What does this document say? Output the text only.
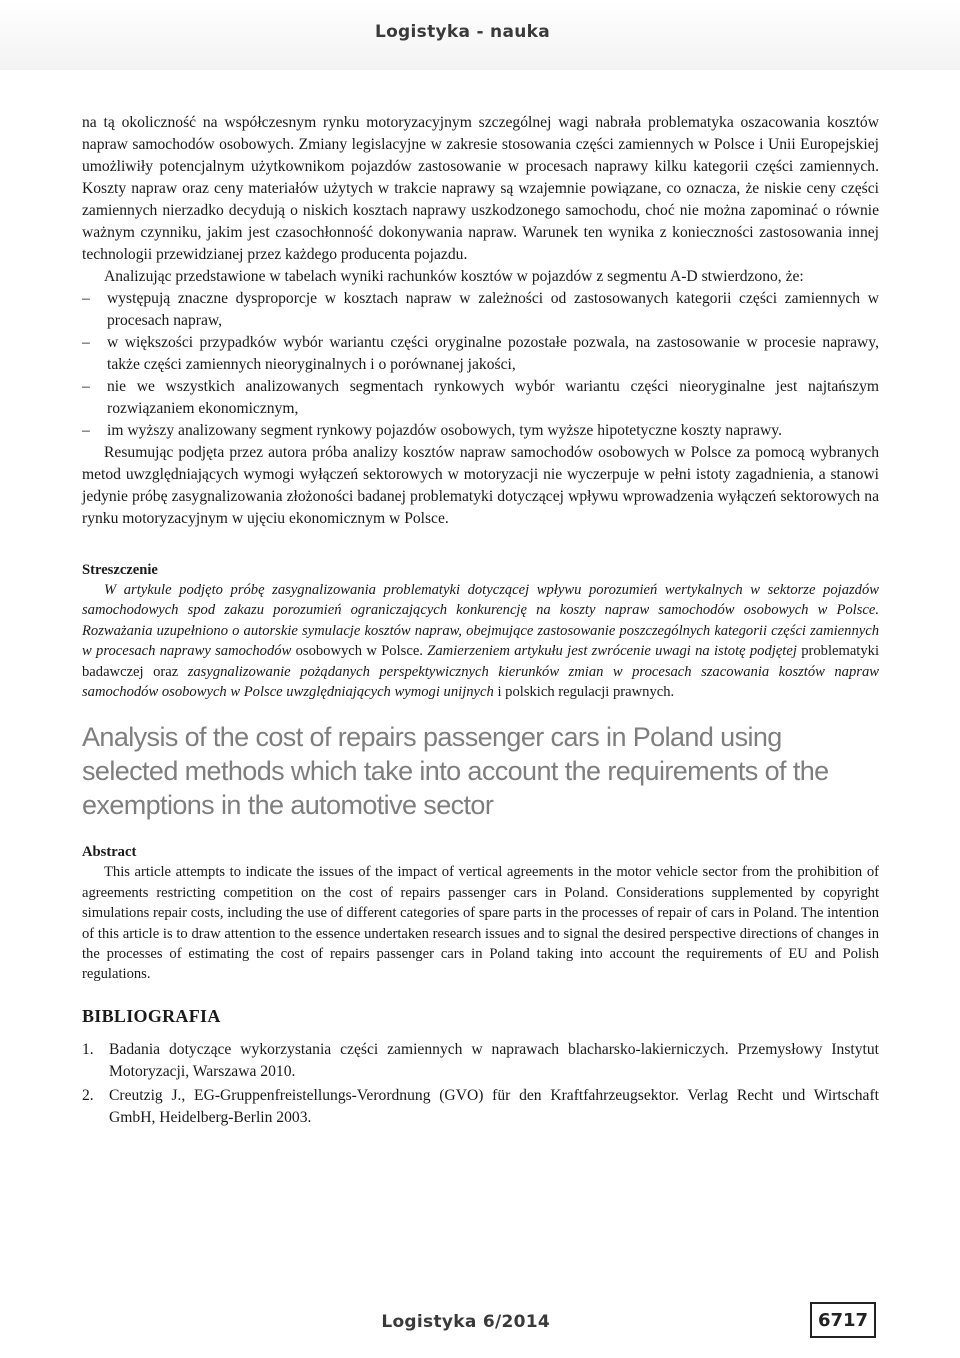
Logistyka - nauka

na tą okoliczność na współczesnym rynku motoryzacyjnym szczególnej wagi nabrała problematyka oszacowania kosztów napraw samochodów osobowych. Zmiany legislacyjne w zakresie stosowania części zamiennych w Polsce i Unii Europejskiej umożliwiły potencjalnym użytkownikom pojazdów zastosowanie w procesach naprawy kilku kategorii części zamiennych. Koszty napraw oraz ceny materiałów użytych w trakcie naprawy są wzajemnie powiązane, co oznacza, że niskie ceny części zamiennych nierzadko decydują o niskich kosztach naprawy uszkodzonego samochodu, choć nie można zapominać o równie ważnym czynniku, jakim jest czasochłonność dokonywania napraw. Warunek ten wynika z konieczności zastosowania innej technologii przewidzianej przez każdego producenta pojazdu.

Analizując przedstawione w tabelach wyniki rachunków kosztów w pojazdów z segmentu A-D stwierdzono, że:

– występują znaczne dysproporcje w kosztach napraw w zależności od zastosowanych kategorii części zamiennych w procesach napraw,
– w większości przypadków wybór wariantu części oryginalne pozostałe pozwala, na zastosowanie w procesie naprawy, także części zamiennych nieoryginalnych i o porównanej jakości,
– nie we wszystkich analizowanych segmentach rynkowych wybór wariantu części nieoryginalne jest najtańszym rozwiązaniem ekonomicznym,
– im wyższy analizowany segment rynkowy pojazdów osobowych, tym wyższe hipotetyczne koszty naprawy.

Resumując podjęta przez autora próba analizy kosztów napraw samochodów osobowych w Polsce za pomocą wybranych metod uwzględniających wymogi wyłączeń sektorowych w motoryzacji nie wyczerpuje w pełni istoty zagadnienia, a stanowi jedynie próbę zasygnalizowania złożoności badanej problematyki dotyczącej wpływu wprowadzenia wyłączeń sektorowych na rynku motoryzacyjnym w ujęciu ekonomicznym w Polsce.

Streszczenie

W artykule podjęto próbę zasygnalizowania problematyki dotyczącej wpływu porozumień wertykalnych w sektorze pojazdów samochodowych spod zakazu porozumień ograniczających konkurencję na koszty napraw samochodów osobowych w Polsce. Rozważania uzupełniono o autorskie symulacje kosztów napraw, obejmujące zastosowanie poszczególnych kategorii części zamiennych w procesach naprawy samochodów osobowych w Polsce. Zamierzeniem artykułu jest zwrócenie uwagi na istotę podjętej problematyki badawczej oraz zasygnalizowanie pożądanych perspektywicznych kierunków zmian w procesach szacowania kosztów napraw samochodów osobowych w Polsce uwzględniających wymogi unijnych i polskich regulacji prawnych.

Analysis of the cost of repairs passenger cars in Poland using selected methods which take into account the requirements of the exemptions in the automotive sector

Abstract

This article attempts to indicate the issues of the impact of vertical agreements in the motor vehicle sector from the prohibition of agreements restricting competition on the cost of repairs passenger cars in Poland. Considerations supplemented by copyright simulations repair costs, including the use of different categories of spare parts in the processes of repair of cars in Poland. The intention of this article is to draw attention to the essence undertaken research issues and to signal the desired perspective directions of changes in the processes of estimating the cost of repairs passenger cars in Poland taking into account the requirements of EU and Polish regulations.

BIBLIOGRAFIA

1. Badania dotyczące wykorzystania części zamiennych w naprawach blacharsko-lakierniczych. Przemysłowy Instytut Motoryzacji, Warszawa 2010.
2. Creutzig J., EG-Gruppenfreistellungs-Verordnung (GVO) für den Kraftfahrzeugsektor. Verlag Recht und Wirtschaft GmbH, Heidelberg-Berlin 2003.
Logistyka 6/2014	6717
